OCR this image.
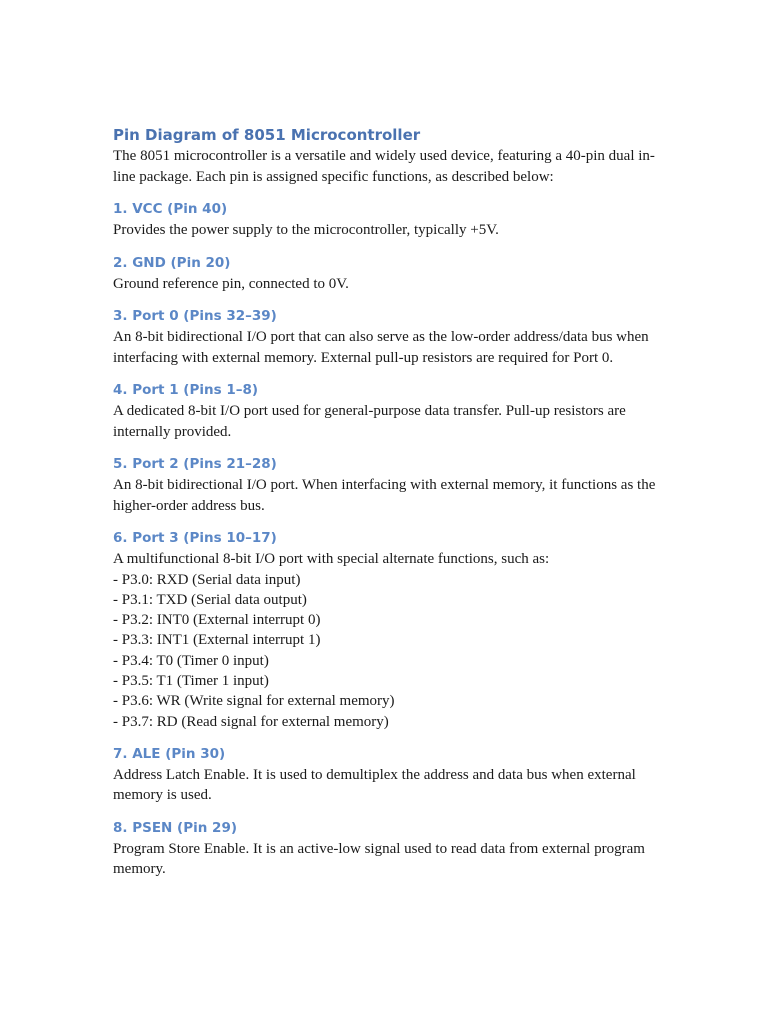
Pin Diagram of 8051 Microcontroller

The 8051 microcontroller is a versatile and widely used device, featuring a 40-pin dual in-line package. Each pin is assigned specific functions, as described below:

1. VCC (Pin 40)

Provides the power supply to the microcontroller, typically +5V.

2. GND (Pin 20)

Ground reference pin, connected to 0V.

3. Port 0 (Pins 32–39)

An 8-bit bidirectional I/O port that can also serve as the low-order address/data bus when interfacing with external memory. External pull-up resistors are required for Port 0.

4. Port 1 (Pins 1–8)

A dedicated 8-bit I/O port used for general-purpose data transfer. Pull-up resistors are internally provided.

5. Port 2 (Pins 21–28)

An 8-bit bidirectional I/O port. When interfacing with external memory, it functions as the higher-order address bus.

6. Port 3 (Pins 10–17)

A multifunctional 8-bit I/O port with special alternate functions, such as:

- P3.0: RXD (Serial data input)
- P3.1: TXD (Serial data output)
- P3.2: INT0 (External interrupt 0)
- P3.3: INT1 (External interrupt 1)
- P3.4: T0 (Timer 0 input)
- P3.5: T1 (Timer 1 input)
- P3.6: WR (Write signal for external memory)
- P3.7: RD (Read signal for external memory)
7. ALE (Pin 30)

Address Latch Enable. It is used to demultiplex the address and data bus when external memory is used.

8. PSEN (Pin 29)

Program Store Enable. It is an active-low signal used to read data from external program memory.
